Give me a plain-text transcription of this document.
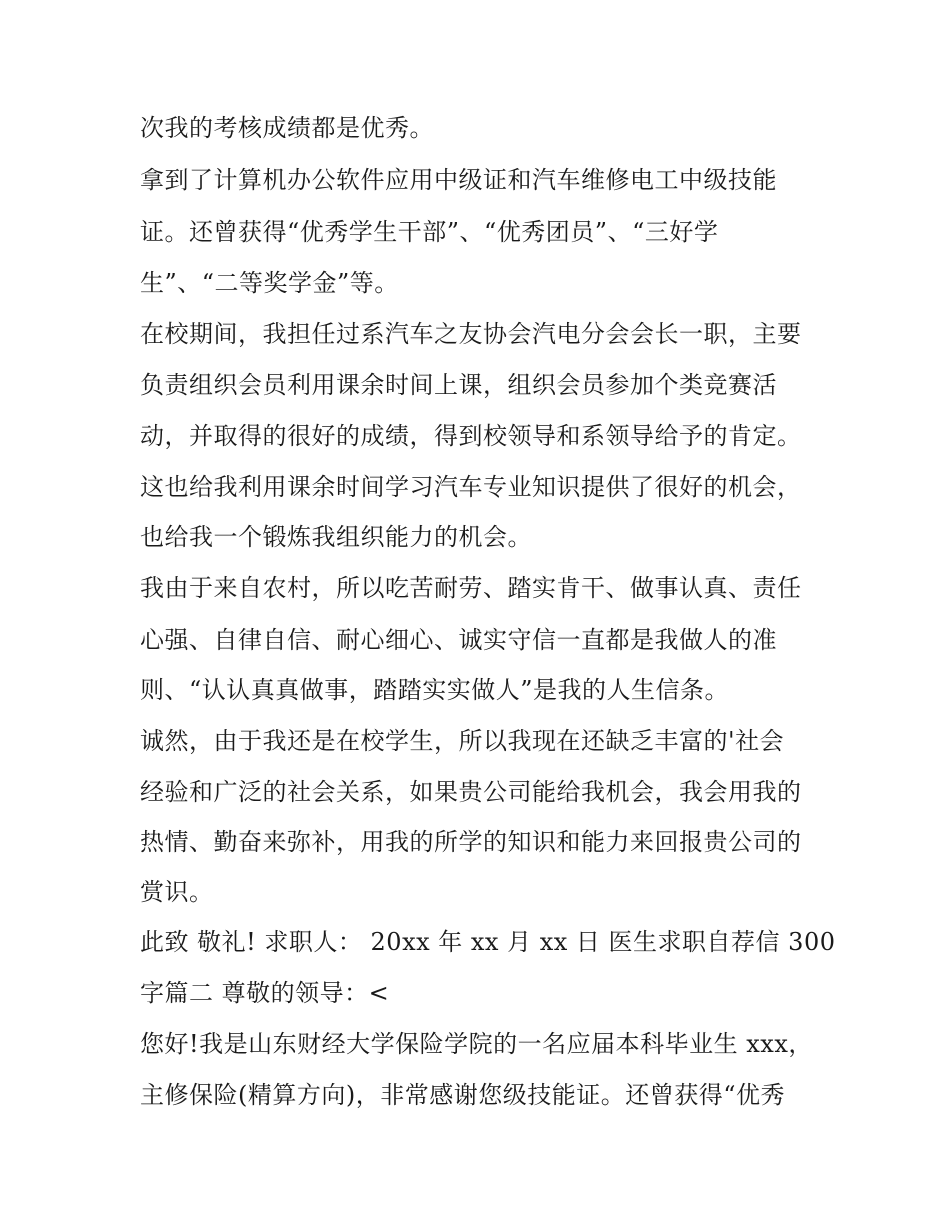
次我的考核成绩都是优秀。
拿到了计算机办公软件应用中级证和汽车维修电工中级技能
证。还曾获得“优秀学生干部”、“优秀团员”、“三好学
生”、“二等奖学金”等。
在校期间，我担任过系汽车之友协会汽电分会会长一职，主要
负责组织会员利用课余时间上课，组织会员参加个类竞赛活
动，并取得的很好的成绩，得到校领导和系领导给予的肯定。
这也给我利用课余时间学习汽车专业知识提供了很好的机会，
也给我一个锻炼我组织能力的机会。
我由于来自农村，所以吃苦耐劳、踏实肯干、做事认真、责任
心强、自律自信、耐心细心、诚实守信一直都是我做人的准
则、“认认真真做事，踏踏实实做人”是我的人生信条。
诚然，由于我还是在校学生，所以我现在还缺乏丰富的'社会
经验和广泛的社会关系，如果贵公司能给我机会，我会用我的
热情、勤奋来弥补，用我的所学的知识和能力来回报贵公司的
赏识。
此致 敬礼! 求职人： 20xx 年 xx 月 xx 日 医生求职自荐信 300
字篇二 尊敬的领导：<
您好!我是山东财经大学保险学院的一名应届本科毕业生 xxx，
主修保险(精算方向)，非常感谢您级技能证。还曾获得“优秀
